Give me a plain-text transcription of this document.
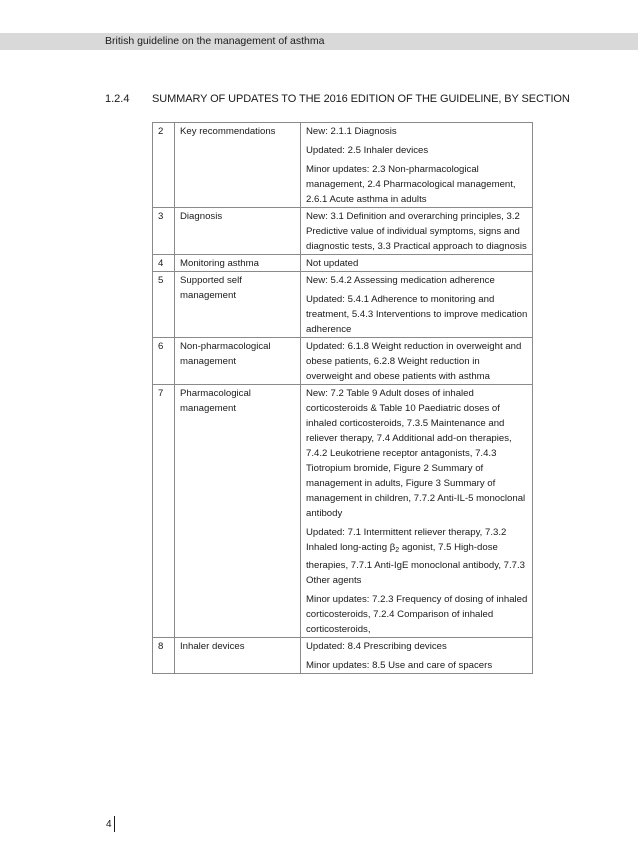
British guideline on the management of asthma
1.2.4 SUMMARY OF UPDATES TO THE 2016 EDITION OF THE GUIDELINE, BY SECTION
2	Key recommendations	New: 2.1.1 Diagnosis

Updated: 2.5 Inhaler devices

Minor updates: 2.3 Non-pharmacological management, 2.4 Pharmacological management, 2.6.1 Acute asthma in adults

3	Diagnosis	New: 3.1 Definition and overarching principles, 3.2 Predictive value of individual symptoms, signs and diagnostic tests, 3.3 Practical approach to diagnosis

4	Monitoring asthma	Not updated

5	Supported self management	New: 5.4.2 Assessing medication adherence

Updated: 5.4.1 Adherence to monitoring and treatment, 5.4.3 Interventions to improve medication adherence

6	Non-pharmacological management	Updated: 6.1.8 Weight reduction in overweight and obese patients, 6.2.8 Weight reduction in overweight and obese patients with asthma

7	Pharmacological management	New: 7.2 Table 9 Adult doses of inhaled corticosteroids & Table 10 Paediatric doses of inhaled corticosteroids, 7.3.5 Maintenance and reliever therapy, 7.4 Additional add-on therapies, 7.4.2 Leukotriene receptor antagonists, 7.4.3 Tiotropium bromide, Figure 2 Summary of management in adults, Figure 3 Summary of management in children, 7.7.2 Anti-IL-5 monoclonal antibody

Updated: 7.1 Intermittent reliever therapy, 7.3.2 Inhaled long-acting $\beta_2$ agonist, 7.5 High-dose therapies, 7.7.1 Anti-IgE monoclonal antibody, 7.7.3 Other agents

Minor updates: 7.2.3 Frequency of dosing of inhaled corticosteroids, 7.2.4 Comparison of inhaled corticosteroids,

8	Inhaler devices	Updated: 8.4 Prescribing devices

Minor updates: 8.5 Use and care of spacers

4
